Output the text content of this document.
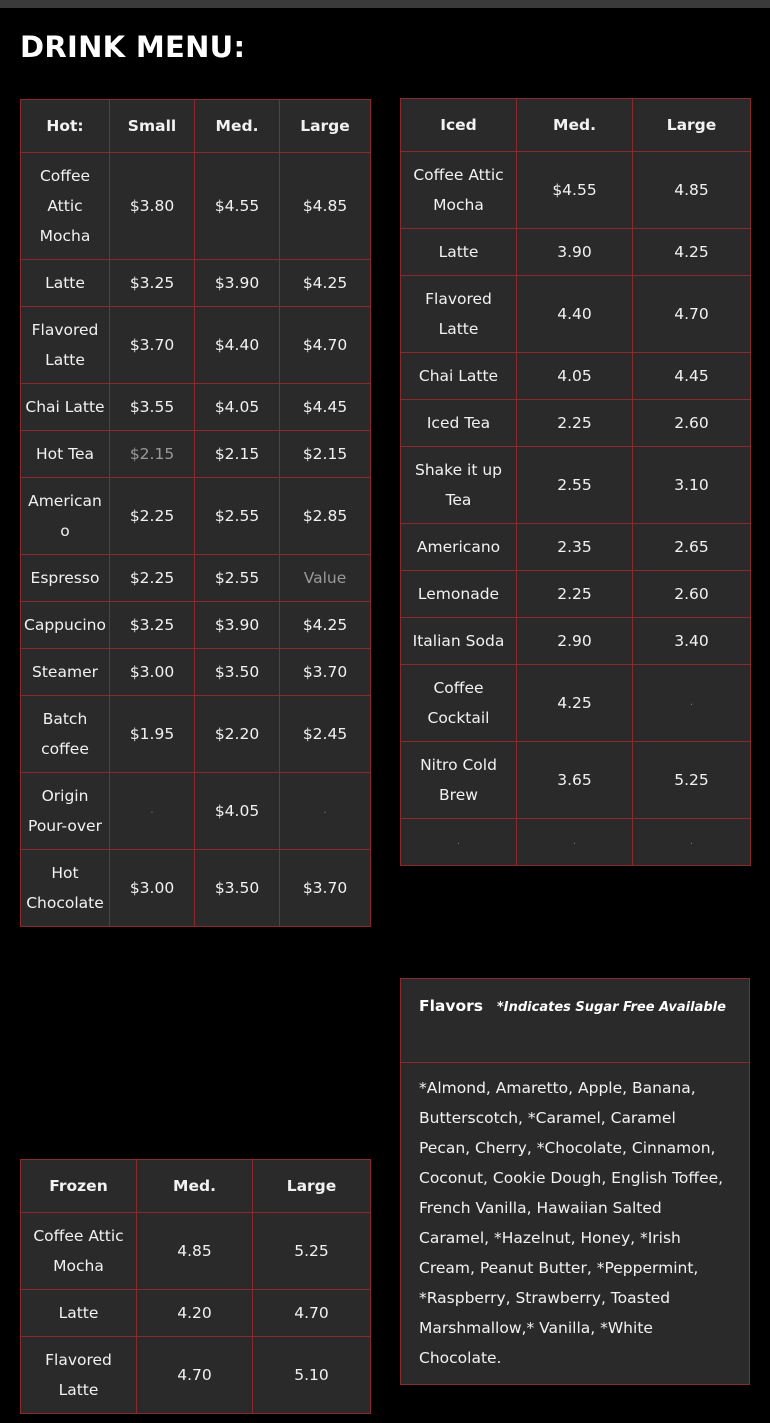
DRINK MENU:
Hot:	Small	Med.	Large
Coffee Attic Mocha	$3.80	$4.55	$4.85
Latte	$3.25	$3.90	$4.25
Flavored Latte	$3.70	$4.40	$4.70
Chai Latte	$3.55	$4.05	$4.45
Hot Tea	$2.15	$2.15	$2.15
Americano	$2.25	$2.55	$2.85
Espresso	$2.25	$2.55	Value
Cappucino	$3.25	$3.90	$4.25
Steamer	$3.00	$3.50	$3.70
Batch coffee	$1.95	$2.20	$2.45
Origin Pour-over	.	$4.05	.
Hot Chocolate	$3.00	$3.50	$3.70
Iced	Med.	Large
Coffee Attic Mocha	$4.55	4.85
Latte	3.90	4.25
Flavored Latte	4.40	4.70
Chai Latte	4.05	4.45
Iced Tea	2.25	2.60
Shake it up Tea	2.55	3.10
Americano	2.35	2.65
Lemonade	2.25	2.60
Italian Soda	2.90	3.40
Coffee Cocktail	4.25	.
Nitro Cold Brew	3.65	5.25
.	.	.
Frozen	Med.	Large
Coffee Attic Mocha	4.85	5.25
Latte	4.20	4.70
Flavored Latte	4.70	5.10
Flavors *Indicates Sugar Free Available
*Almond, Amaretto, Apple, Banana, Butterscotch, *Caramel, Caramel Pecan, Cherry, *Chocolate, Cinnamon, Coconut, Cookie Dough, English Toffee, French Vanilla, Hawaiian Salted Caramel, *Hazelnut, Honey, *Irish Cream, Peanut Butter, *Peppermint, *Raspberry, Strawberry, Toasted Marshmallow,* Vanilla, *White Chocolate.
